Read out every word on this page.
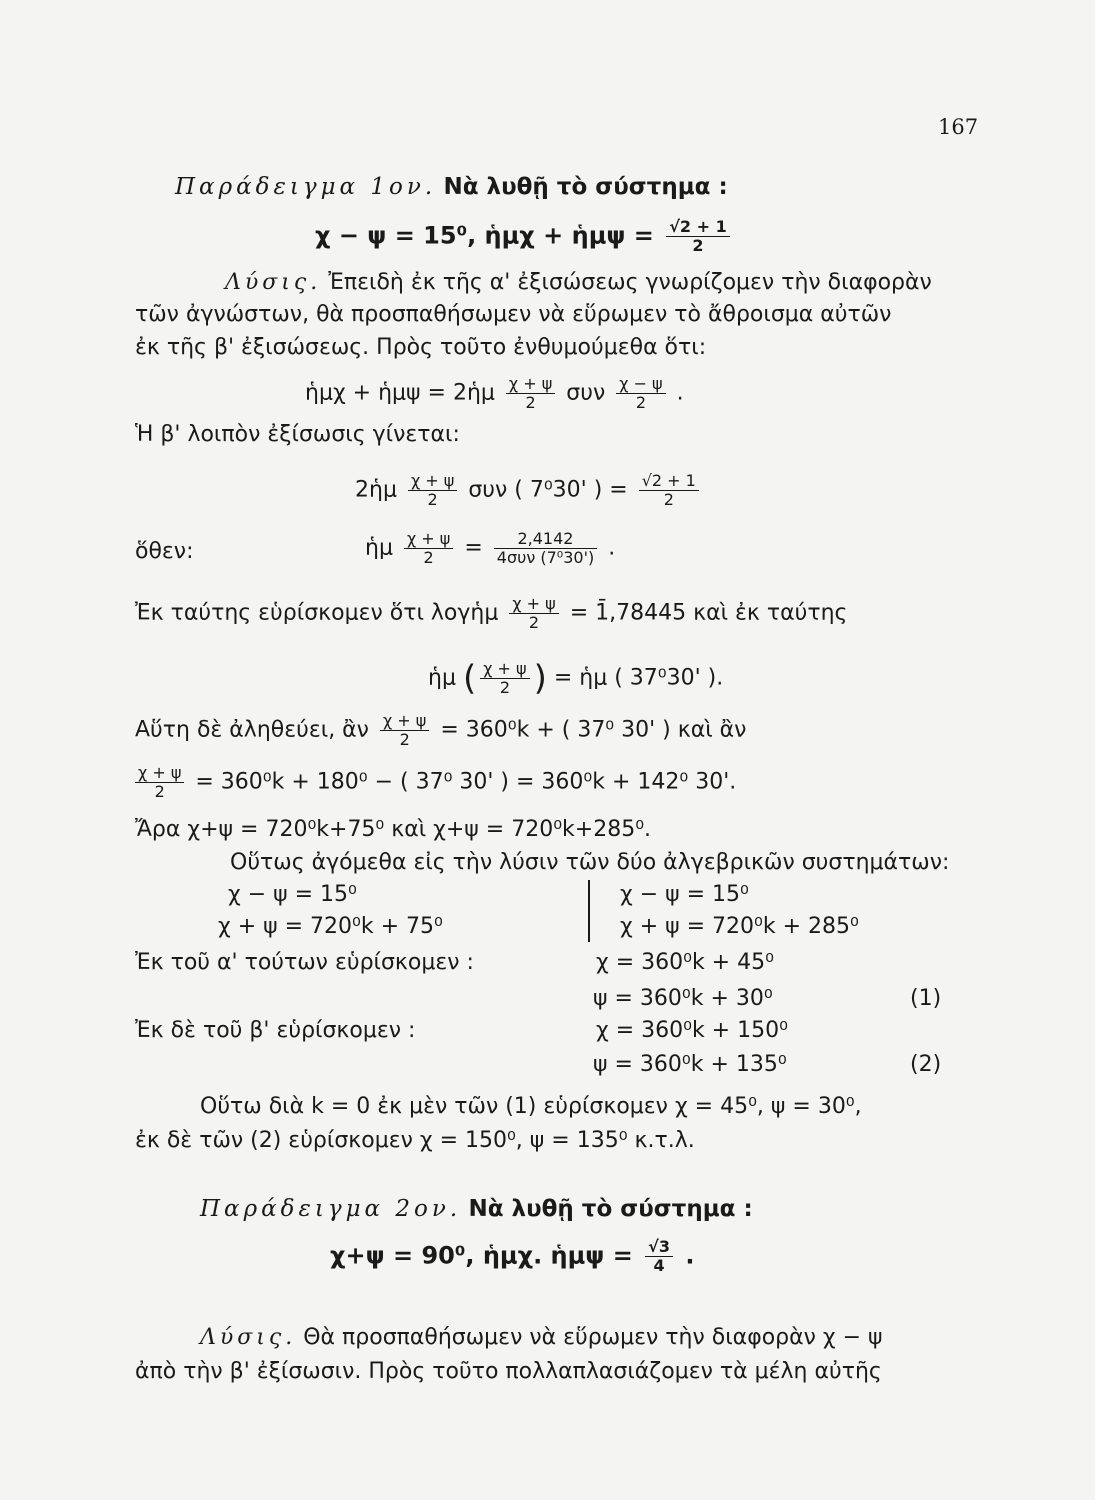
167
Παράδειγμα 1ον. Νὰ λυθῇ τὸ σύστημα :
χ − ψ = 15⁰, ἡμχ + ἡμψ = $\frac{√2 + 1}{2}$
Λύσις. Ἐπειδὴ ἐκ τῆς α' ἐξισώσεως γνωρίζομεν τὴν διαφορὰν
τῶν ἀγνώστων, θὰ προσπαθήσωμεν νὰ εὕρωμεν τὸ ἄθροισμα αὐτῶν
ἐκ τῆς β' ἐξισώσεως. Πρὸς τοῦτο ἐνθυμούμεθα ὅτι:
ἡμχ + ἡμψ = 2ἡμ $\frac{\chi + \psi}{2}$ συν $\frac{\chi - \psi}{2}$ .
Ἡ β' λοιπὸν ἐξίσωσις γίνεται:
2ἡμ $\frac{\chi + \psi}{2}$ συν ( 7⁰30' ) = $\frac{√2 + 1}{2}$
ὅθεν:	ἡμ $\frac{\chi + \psi}{2} = \frac{2,4142}{\text{4συν (7⁰30')}}$ .
Ἐκ ταύτης εὑρίσκομεν ὅτι λογἡμ $\frac{\chi + \psi}{2}$ = 1̄,78445 καὶ ἐκ ταύτης
ἡμ ( $\frac{\chi + \psi}{2}$ ) = ἡμ ( 37⁰30' ).
Αὕτη δὲ ἀληθεύει, ἂν $\frac{\chi + \psi}{2} = 360^0k$ + ( 37⁰ 30' ) καὶ ἂν
$\frac{\chi + \psi}{2} = 360^0k + 180^0$ − ( 37⁰ 30' ) = 360⁰k + 142⁰ 30'.
Ἄρα χ+ψ = 720⁰k+75⁰ καὶ χ+ψ = 720⁰k+285⁰.
Οὕτως ἀγόμεθα εἰς τὴν λύσιν τῶν δύο ἀλγεβρικῶν συστημάτων:
χ − ψ = 15⁰
χ + ψ = 720⁰k + 75⁰
χ − ψ = 15⁰
χ + ψ = 720⁰k + 285⁰
Ἐκ τοῦ α' τούτων εὑρίσκομεν :	χ = 360⁰k + 45⁰
ψ = 360⁰k + 30⁰	(1)
Ἐκ δὲ τοῦ β' εὑρίσκομεν :	χ = 360⁰k + 150⁰
ψ = 360⁰k + 135⁰	(2)
Οὕτω διὰ k = 0 ἐκ μὲν τῶν (1) εὑρίσκομεν χ = 45⁰, ψ = 30⁰,
ἐκ δὲ τῶν (2) εὑρίσκομεν χ = 150⁰, ψ = 135⁰ κ.τ.λ.
Παράδειγμα 2ον. Νὰ λυθῇ τὸ σύστημα :
χ+ψ = 90⁰, ἡμχ. ἡμψ = $\frac{√3}{4}$ .
Λύσις. Θὰ προσπαθήσωμεν νὰ εὕρωμεν τὴν διαφορὰν χ − ψ
ἀπὸ τὴν β' ἐξίσωσιν. Πρὸς τοῦτο πολλαπλασιάζομεν τὰ μέλη αὐτῆς
